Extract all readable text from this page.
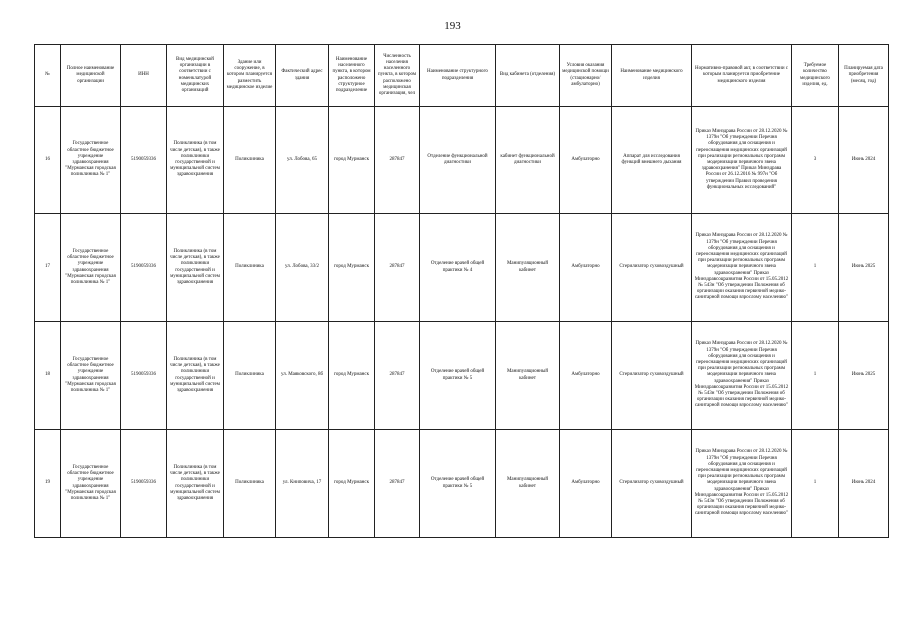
193
№	Полное наименование медицинской организации	ИНН	Вид медицинской организации в соответствии с номенклатурой медицинских организаций	Здание или сооружение, в котором планируется разместить медицинское изделие	Фактический адрес здания	Наименование населенного пункта, в котором расположено структурное подразделение	Численность населения населенного пункта, в котором расположено медицинская организация, чел	Наименование структурного подразделения	Вид кабинета (отделения)	Условия оказания медицинской помощи (стационарно/амбулаторно)	Наименование медицинского изделия	Нормативно-правовой акт, в соответствии с которым планируется приобретение медицинского изделия	Требуемое количество медицинского изделия, ед.	Планируемая дата приобретения (месяц, год)
16	Государственное областное бюджетное учреждение здравоохранения "Мурманская городская поликлиника № 1"	5190059336	Поликлиника (в том числе детская), в также поликлиники государственной и муниципальной систем здравоохранения	Поликлиника	ул. Лобова, 65	город Мурманск	287847	Отделение функциональной диагностики	кабинет функциональной диагностики	Амбулаторно	Аппарат для исследования функций внешнего дыхания	Приказ Минздрава России от 28.12.2020 № 1379н "Об утверждении Перечня оборудования для оснащения и переоснащения медицинских организаций при реализации региональных программ модернизации первичного звена здравоохранения" Приказ Минздрава России от 26.12.2016 № 997н "Об утверждении Правил проведения функциональных исследований"	3	Июнь 2024
17	Государственное областное бюджетное учреждение здравоохранения "Мурманская городская поликлиника № 1"	5190059336	Поликлиника (в том числе детская), в также поликлиники государственной и муниципальной систем здравоохранения	Поликлиника	ул. Лобова, 33/2	город Мурманск	287847	Отделение врачей общей практики № 4	Манипуляционный кабинет	Амбулаторно	Стерилизатор суховоздушный	Приказ Минздрава России от 28.12.2020 № 1379н "Об утверждении Перечня оборудования для оснащения и переоснащения медицинских организаций при реализации региональных программ модернизации первичного звена здравоохранения" Приказ Минздравсоцразвития России от 15.05.2012 № 543н "Об утверждении Положения об организации оказания первичной медико-санитарной помощи взрослому населению"	1	Июнь 2025
18	Государственное областное бюджетное учреждение здравоохранения "Мурманская городская поликлиника № 1"	5190059336	Поликлиника (в том числе детская), в также поликлиники государственной и муниципальной систем здравоохранения	Поликлиника	ул. Маяковского, 8б	город Мурманск	287847	Отделение врачей общей практики № 5	Манипуляционный кабинет	Амбулаторно	Стерилизатор суховоздушный	Приказ Минздрава России от 28.12.2020 № 1379н "Об утверждении Перечня оборудования для оснащения и переоснащения медицинских организаций при реализации региональных программ модернизации первичного звена здравоохранения" Приказ Минздравсоцразвития России от 15.05.2012 № 543н "Об утверждении Положения об организации оказания первичной медико-санитарной помощи взрослому населению"	1	Июнь 2025
19	Государственное областное бюджетное учреждение здравоохранения "Мурманская городская поликлиника № 1"	5190059336	Поликлиника (в том числе детская), в также поликлиники государственной и муниципальной систем здравоохранения	Поликлиника	ул. Книповича, 17	город Мурманск	287847	Отделение врачей общей практики № 5	Манипуляционный кабинет	Амбулаторно	Стерилизатор суховоздушный	Приказ Минздрава России от 28.12.2020 № 1379н "Об утверждении Перечня оборудования для оснащения и переоснащения медицинских организаций при реализации региональных программ модернизации первичного звена здравоохранения" Приказ Минздравсоцразвития России от 15.05.2012 № 543н "Об утверждении Положения об организации оказания первичной медико-санитарной помощи взрослому населению"	1	Июнь 2024
